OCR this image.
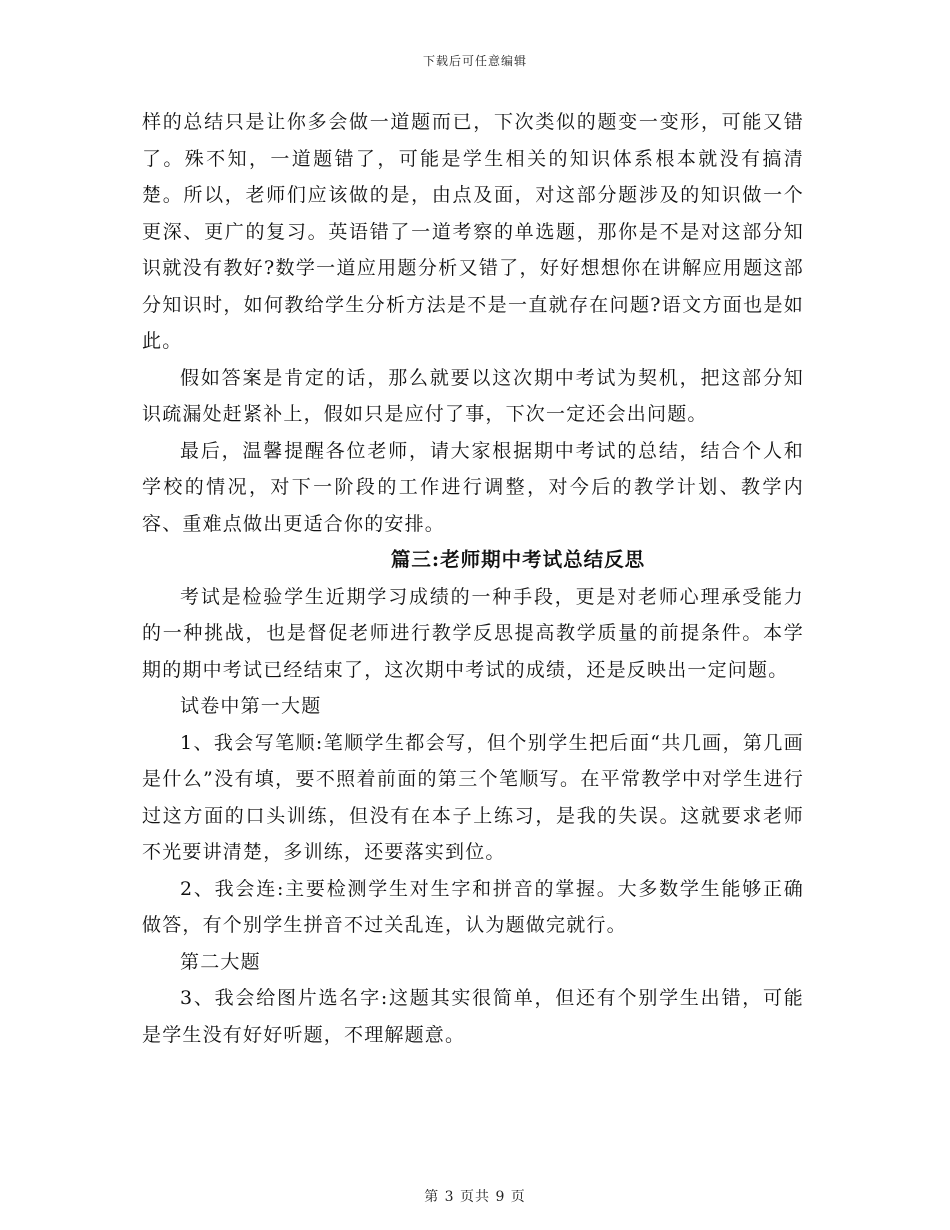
下载后可任意编辑

样的总结只是让你多会做一道题而已，下次类似的题变一变形，可能又错了。殊不知，一道题错了，可能是学生相关的知识体系根本就没有搞清楚。所以，老师们应该做的是，由点及面，对这部分题涉及的知识做一个更深、更广的复习。英语错了一道考察的单选题，那你是不是对这部分知识就没有教好?数学一道应用题分析又错了，好好想想你在讲解应用题这部分知识时，如何教给学生分析方法是不是一直就存在问题?语文方面也是如此。

假如答案是肯定的话，那么就要以这次期中考试为契机，把这部分知识疏漏处赶紧补上，假如只是应付了事，下次一定还会出问题。

最后，温馨提醒各位老师，请大家根据期中考试的总结，结合个人和学校的情况，对下一阶段的工作进行调整，对今后的教学计划、教学内容、重难点做出更适合你的安排。

篇三:老师期中考试总结反思

考试是检验学生近期学习成绩的一种手段，更是对老师心理承受能力的一种挑战，也是督促老师进行教学反思提高教学质量的前提条件。本学期的期中考试已经结束了，这次期中考试的成绩，还是反映出一定问题。

试卷中第一大题

1、我会写笔顺:笔顺学生都会写，但个别学生把后面“共几画，第几画是什么”没有填，要不照着前面的第三个笔顺写。在平常教学中对学生进行过这方面的口头训练，但没有在本子上练习，是我的失误。这就要求老师不光要讲清楚，多训练，还要落实到位。

2、我会连:主要检测学生对生字和拼音的掌握。大多数学生能够正确做答，有个别学生拼音不过关乱连，认为题做完就行。

第二大题

3、我会给图片选名字:这题其实很简单，但还有个别学生出错，可能是学生没有好好听题，不理解题意。

第 3 页共 9 页
